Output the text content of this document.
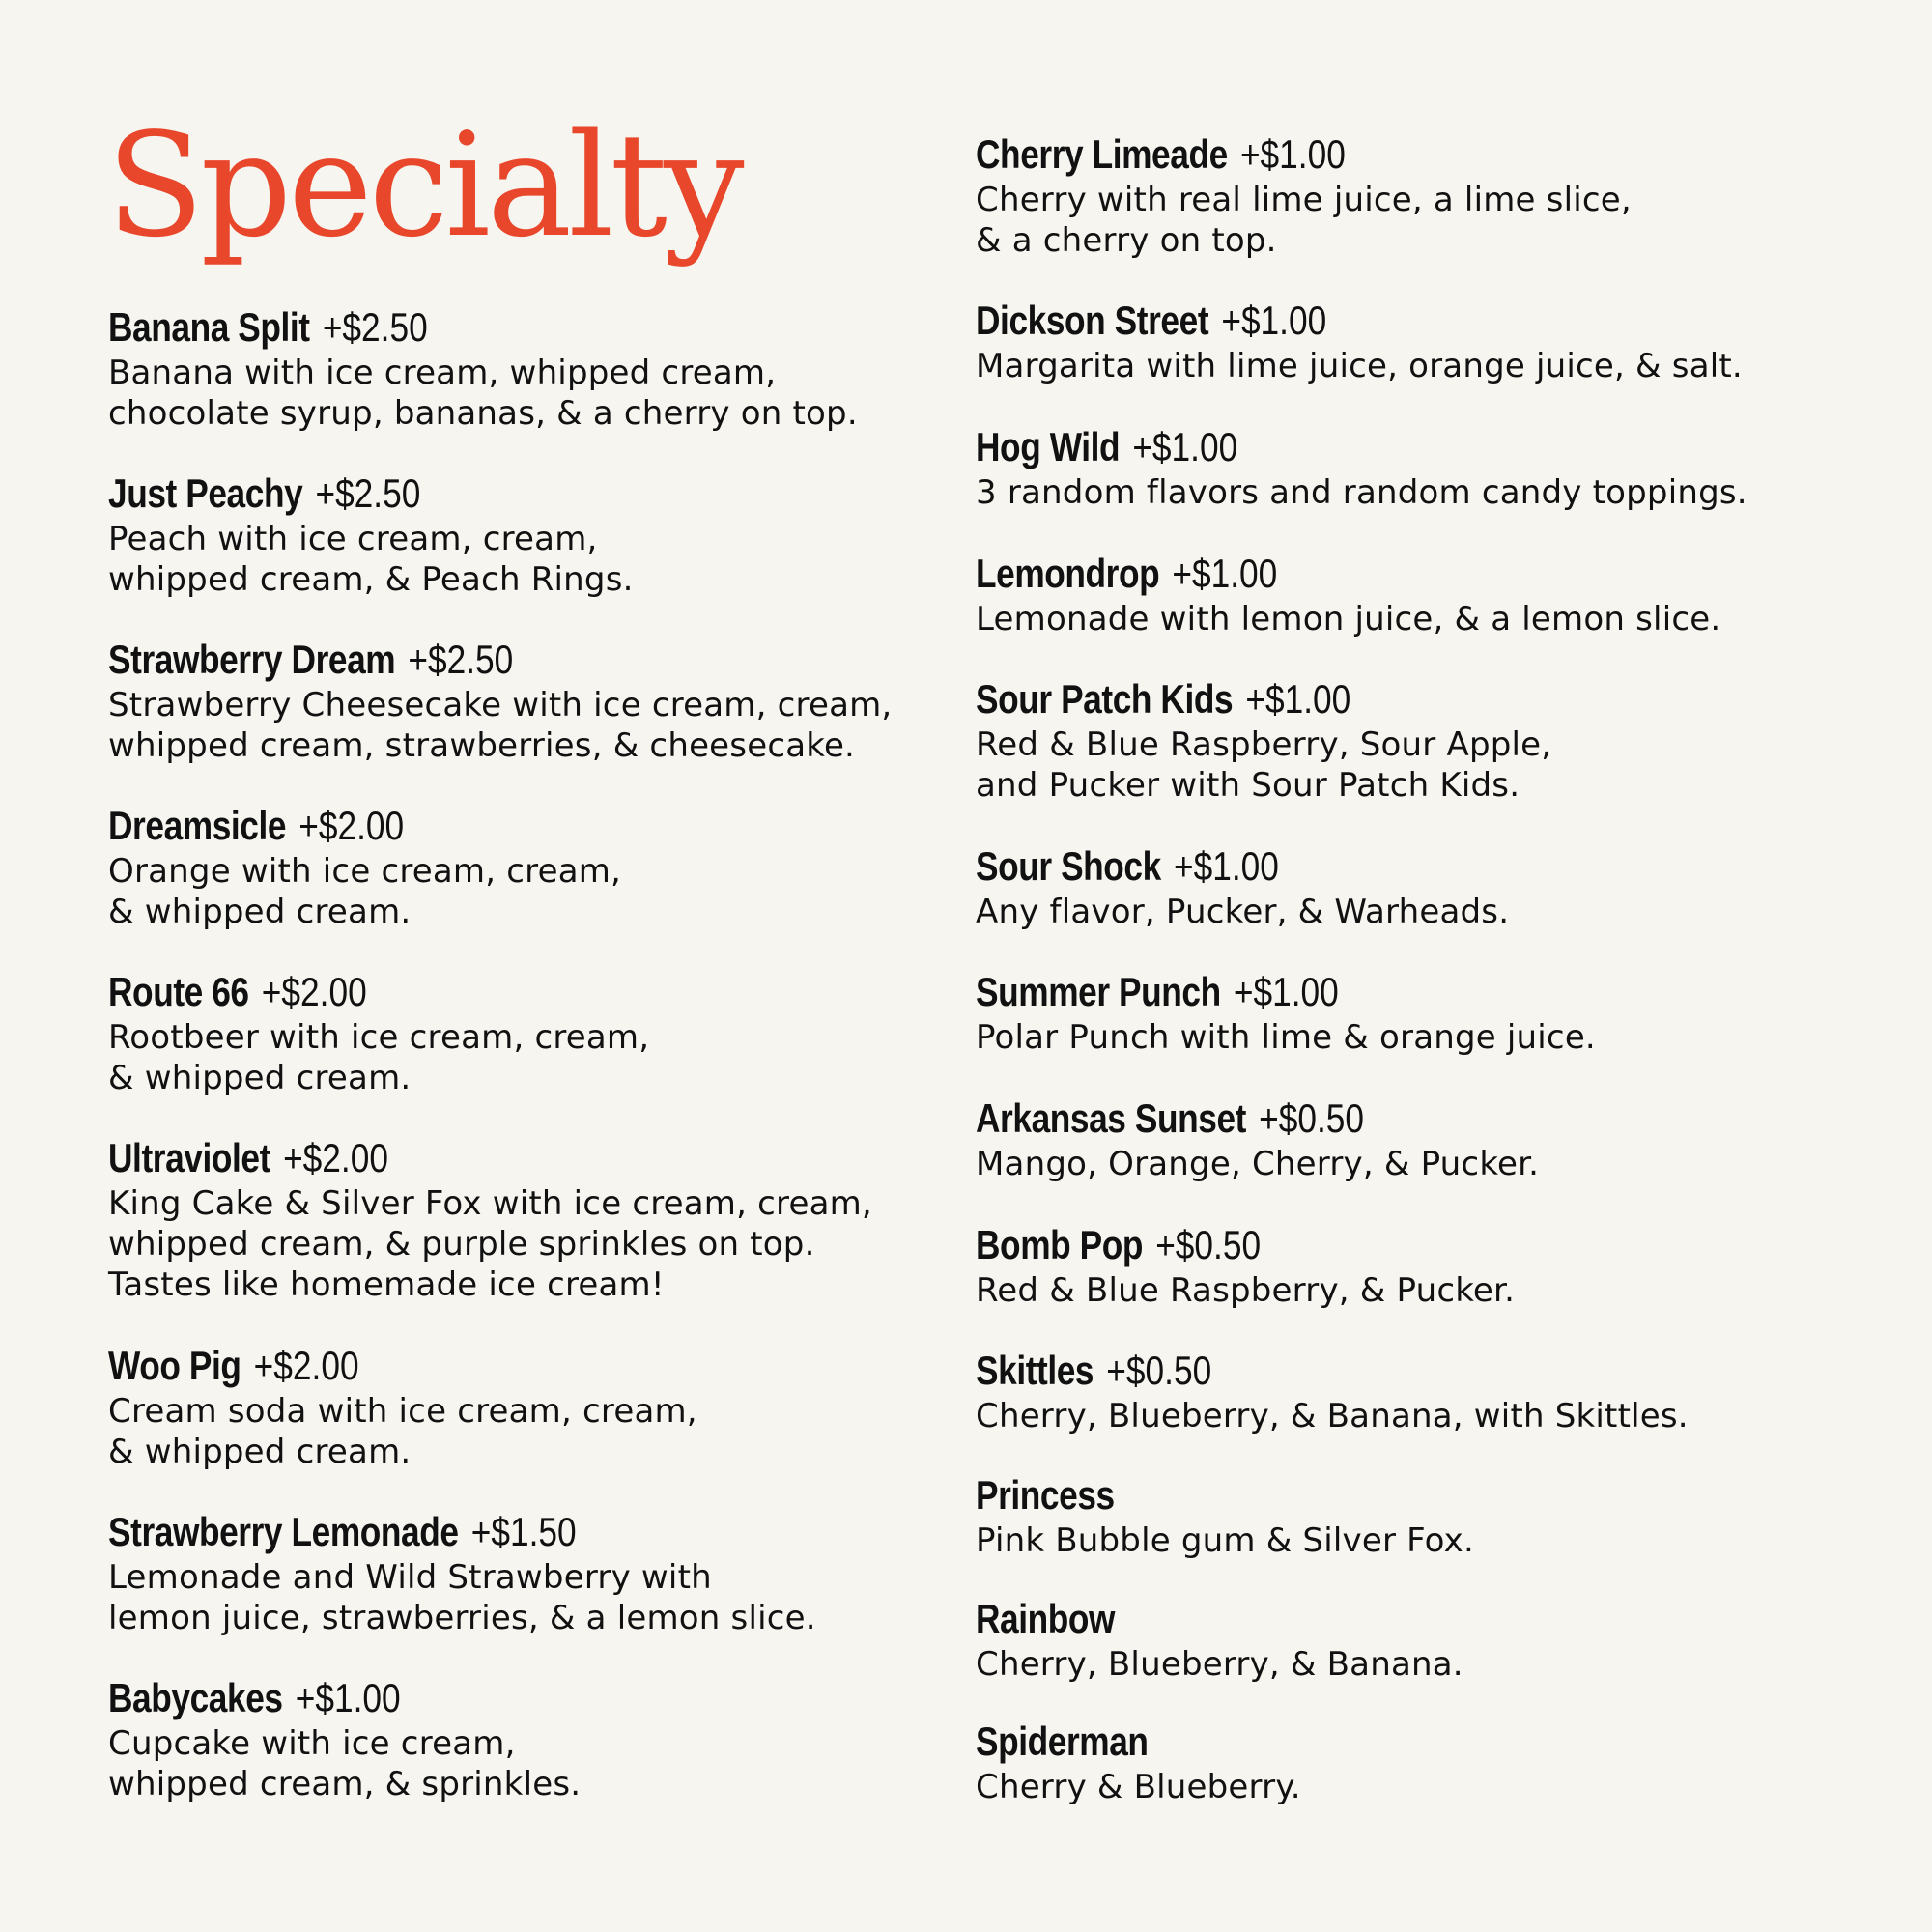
Specialty
Banana Split +$2.50

Banana with ice cream, whipped cream,
chocolate syrup, bananas, & a cherry on top.

Just Peachy +$2.50

Peach with ice cream, cream,
whipped cream, & Peach Rings.

Strawberry Dream +$2.50

Strawberry Cheesecake with ice cream, cream,
whipped cream, strawberries, & cheesecake.

Dreamsicle +$2.00

Orange with ice cream, cream,
& whipped cream.

Route 66 +$2.00

Rootbeer with ice cream, cream,
& whipped cream.

Ultraviolet +$2.00

King Cake & Silver Fox with ice cream, cream,
whipped cream, & purple sprinkles on top.
Tastes like homemade ice cream!

Woo Pig +$2.00

Cream soda with ice cream, cream,
& whipped cream.

Strawberry Lemonade +$1.50

Lemonade and Wild Strawberry with
lemon juice, strawberries, & a lemon slice.

Babycakes +$1.00

Cupcake with ice cream,
whipped cream, & sprinkles.

Cherry Limeade +$1.00

Cherry with real lime juice, a lime slice,
& a cherry on top.

Dickson Street +$1.00

Margarita with lime juice, orange juice, & salt.

Hog Wild +$1.00

3 random flavors and random candy toppings.

Lemondrop +$1.00

Lemonade with lemon juice, & a lemon slice.

Sour Patch Kids +$1.00

Red & Blue Raspberry, Sour Apple,
and Pucker with Sour Patch Kids.

Sour Shock +$1.00

Any flavor, Pucker, & Warheads.

Summer Punch +$1.00

Polar Punch with lime & orange juice.

Arkansas Sunset +$0.50

Mango, Orange, Cherry, & Pucker.

Bomb Pop +$0.50

Red & Blue Raspberry, & Pucker.

Skittles +$0.50

Cherry, Blueberry, & Banana, with Skittles.

Princess

Pink Bubble gum & Silver Fox.

Rainbow

Cherry, Blueberry, & Banana.

Spiderman

Cherry & Blueberry.
